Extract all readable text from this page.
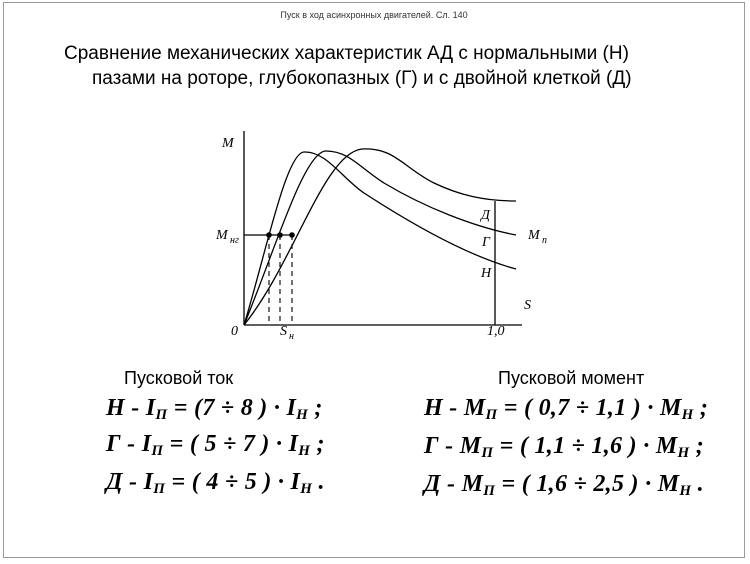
Пуск в ход асинхронных двигателей. Сл. 140
Сравнение механических характеристик АД с нормальными (Н)
пазами на роторе, глубокопазных (Г) и с двойной клеткой (Д)
M
S
0	1,0
M нг
S н
M п
Д
Г
Н
Пусковой ток	Пусковой момент
$Н - I_П = (7 \div 8$ ) · $I_Н$ ;
Г - $I_П$ = ( 5 ÷ 7 ) · $I_Н$ ;
Д - $I_П$ = ( 4 ÷ 5 ) · $I_Н$ .
Н - $M_П$ = ( 0,7 ÷ 1,1 ) · $M_Н$ ;
Г - $M_П$ = ( 1,1 ÷ 1,6 ) · $M_Н$ ;
Д - $M_П$ = ( 1,6 ÷ 2,5 ) · $M_Н$ .
